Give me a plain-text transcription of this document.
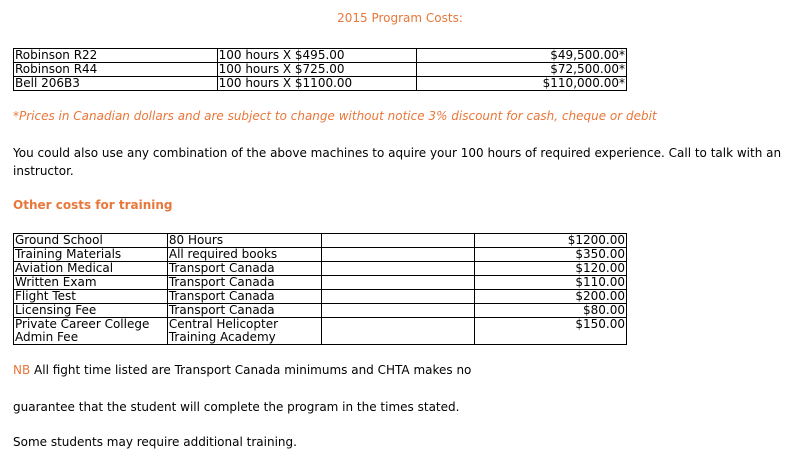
2015 Program Costs:
Robinson R22	100 hours X $495.00	$49,500.00*
Robinson R44	100 hours X $725.00	$72,500.00*
Bell 206B3	100 hours X $1100.00	$110,000.00*
*Prices in Canadian dollars and are subject to change without notice 3% discount for cash, cheque or debit
You could also use any combination of the above machines to aquire your 100 hours of required experience. Call to talk with an instructor.
Other costs for training
Ground School	80 Hours		$1200.00
Training Materials	All required books		$350.00
Aviation Medical	Transport Canada		$120.00
Written Exam	Transport Canada		$110.00
Flight Test	Transport Canada		$200.00
Licensing Fee	Transport Canada		$80.00
Private Career College Admin Fee	Central Helicopter Training Academy		$150.00
NB All fight time listed are Transport Canada minimums and CHTA makes no
guarantee that the student will complete the program in the times stated.
Some students may require additional training.
